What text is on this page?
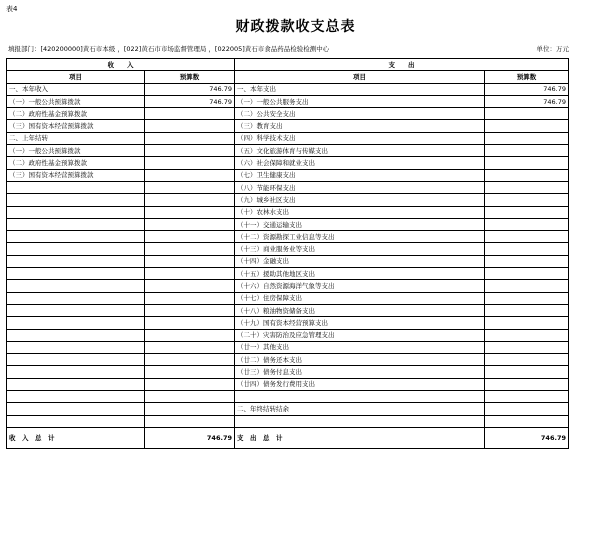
表4
财政拨款收支总表
填报部门：[420200000]黄石市本级 ，[022]黄石市市场监督管理局 ，[022005]黄石市食品药品检验检测中心	单位：万元
收　　入		支　　出	
项目	预算数	项目	预算数
一、本年收入	746.79	一、本年支出	746.79
（一）一般公共预算拨款	746.79	（一）一般公共服务支出	746.79
（二）政府性基金预算拨款		（二）公共安全支出	
（三）国有资本经营预算拨款		（三）教育支出	
二、上年结转		（四）科学技术支出	
（一）一般公共预算拨款		（五）文化旅游体育与传媒支出	
（二）政府性基金预算拨款		（六）社会保障和就业支出	
（三）国有资本经营预算拨款		（七）卫生健康支出	
		（八）节能环保支出	
		（九）城乡社区支出	
		（十）农林水支出	
		（十一）交通运输支出	
		（十二）资源勘探工业信息等支出	
		（十三）商业服务业等支出	
		（十四）金融支出	
		（十五）援助其他地区支出	
		（十六）自然资源海洋气象等支出	
		（十七）住房保障支出	
		（十八）粮油物资储备支出	
		（十九）国有资本经营预算支出	
		（二十）灾害防治及应急管理支出	
		（廿一）其他支出	
		（廿二）债务还本支出	
		（廿三）债务付息支出	
		（廿四）债务发行费用支出	

		二、年终结转结余	

收　入　总　计	746.79	支　出　总　计	746.79
